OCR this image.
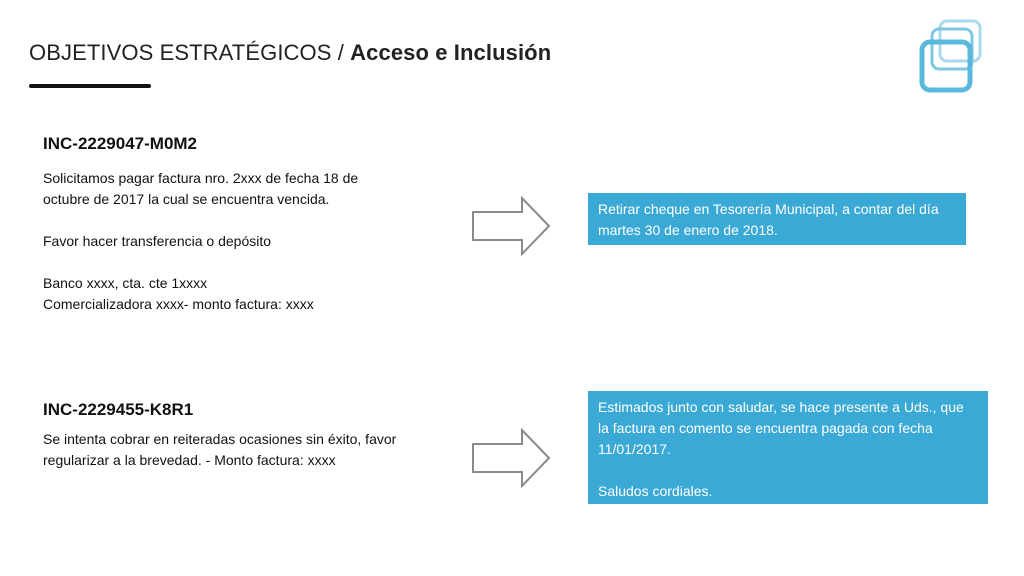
OBJETIVOS ESTRATÉGICOS / Acceso e Inclusión
INC-2229047-M0M2

Solicitamos pagar factura nro. 2xxx de fecha 18 de octubre de 2017 la cual se encuentra vencida.

Favor hacer transferencia o depósito

Banco xxxx, cta. cte 1xxxx

Comercializadora xxxx- monto factura: xxxx

Retirar cheque en Tesorería Municipal, a contar del día martes 30 de enero de 2018.

INC-2229455-K8R1

Se intenta cobrar en reiteradas ocasiones sin éxito, favor regularizar a la brevedad. - Monto factura: xxxx

Estimados junto con saludar, se hace presente a Uds., que la factura en comento se encuentra pagada con fecha 11/01/2017.

Saludos cordiales.
